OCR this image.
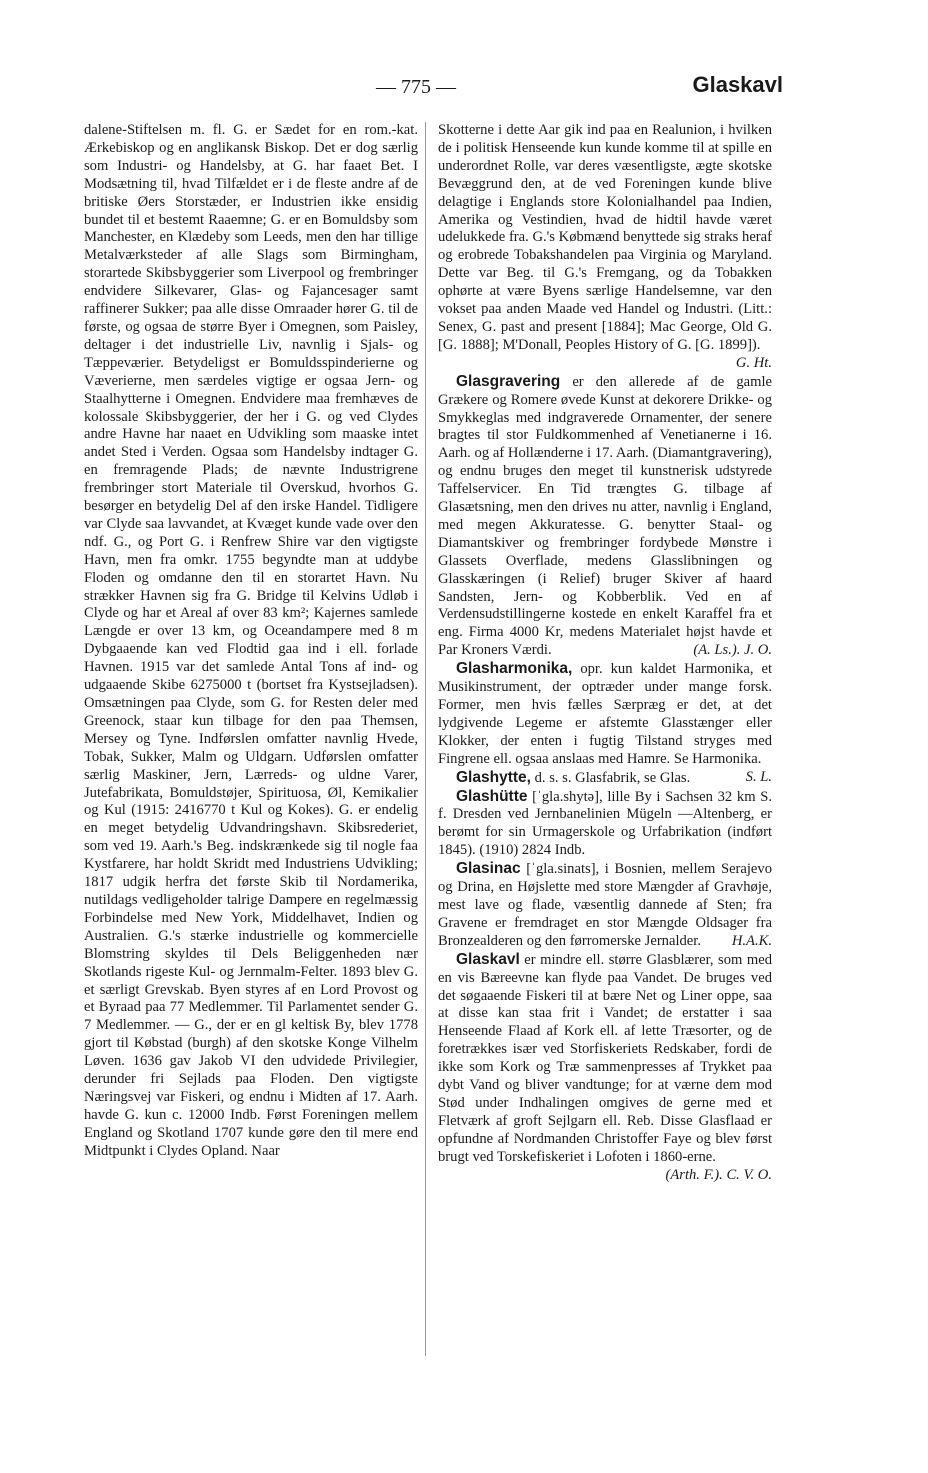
— 775 —	Glaskavl

dalene-Stiftelsen m. fl. G. er Sædet for en rom.-kat. Ærkebiskop og en anglikansk Biskop. Det er dog særlig som Industri- og Handelsby, at G. har faaet Bet. I Modsætning til, hvad Tilfældet er i de fleste andre af de britiske Øers Storstæder, er Industrien ikke ensidig bundet til et bestemt Raaemne; G. er en Bomuldsby som Manchester, en Klædeby som Leeds, men den har tillige Metalværksteder af alle Slags som Birmingham, storartede Skibsbyggerier som Liverpool og frembringer endvidere Silkevarer, Glas- og Fajancesager samt raffinerer Sukker; paa alle disse Omraader hører G. til de første, og ogsaa de større Byer i Omegnen, som Paisley, deltager i det industrielle Liv, navnlig i Sjals- og Tæppeværier. Betydeligst er Bomuldsspinderierne og Væverierne, men særdeles vigtige er ogsaa Jern- og Staalhytterne i Omegnen. Endvidere maa fremhæves de kolossale Skibsbyggerier, der her i G. og ved Clydes andre Havne har naaet en Udvikling som maaske intet andet Sted i Verden. Ogsaa som Handelsby indtager G. en fremragende Plads; de nævnte Industrigrene frembringer stort Materiale til Overskud, hvorhos G. besørger en betydelig Del af den irske Handel. Tidligere var Clyde saa lavvandet, at Kvæget kunde vade over den ndf. G., og Port G. i Renfrew Shire var den vigtigste Havn, men fra omkr. 1755 begyndte man at uddybe Floden og omdanne den til en storartet Havn. Nu strækker Havnen sig fra G. Bridge til Kelvins Udløb i Clyde og har et Areal af over 83 km²; Kajernes samlede Længde er over 13 km, og Oceandampere med 8 m Dybgaaende kan ved Flodtid gaa ind i ell. forlade Havnen. 1915 var det samlede Antal Tons af ind- og udgaaende Skibe 6275000 t (bortset fra Kystsejladsen). Omsætningen paa Clyde, som G. for Resten deler med Greenock, staar kun tilbage for den paa Themsen, Mersey og Tyne. Indførslen omfatter navnlig Hvede, Tobak, Sukker, Malm og Uldgarn. Udførslen omfatter særlig Maskiner, Jern, Lærreds- og uldne Varer, Jutefabrikata, Bomuldstøjer, Spirituosa, Øl, Kemikalier og Kul (1915: 2416770 t Kul og Kokes). G. er endelig en meget betydelig Udvandringshavn. Skibsrederiet, som ved 19. Aarh.'s Beg. indskrænkede sig til nogle faa Kystfarere, har holdt Skridt med Industriens Udvikling; 1817 udgik herfra det første Skib til Nordamerika, nutildags vedligeholder talrige Dampere en regelmæssig Forbindelse med New York, Middelhavet, Indien og Australien. G.'s stærke industrielle og kommercielle Blomstring skyldes til Dels Beliggenheden nær Skotlands rigeste Kul- og Jernmalm-Felter. 1893 blev G. et særligt Grevskab. Byen styres af en Lord Provost og et Byraad paa 77 Medlemmer. Til Parlamentet sender G. 7 Medlemmer. — G., der er en gl keltisk By, blev 1778 gjort til Købstad (burgh) af den skotske Konge Vilhelm Løven. 1636 gav Jakob VI den udvidede Privilegier, derunder fri Sejlads paa Floden. Den vigtigste Næringsvej var Fiskeri, og endnu i Midten af 17. Aarh. havde G. kun c. 12000 Indb. Først Foreningen mellem England og Skotland 1707 kunde gøre den til mere end Midtpunkt i Clydes Opland. Naar

Skotterne i dette Aar gik ind paa en Realunion, i hvilken de i politisk Henseende kun kunde komme til at spille en underordnet Rolle, var deres væsentligste, ægte skotske Bevæggrund den, at de ved Foreningen kunde blive delagtige i Englands store Kolonialhandel paa Indien, Amerika og Vestindien, hvad de hidtil havde været udelukkede fra. G.'s Købmænd benyttede sig straks heraf og erobrede Tobakshandelen paa Virginia og Maryland. Dette var Beg. til G.'s Fremgang, og da Tobakken ophørte at være Byens særlige Handelsemne, var den vokset paa anden Maade ved Handel og Industri. (Litt.: Senex, G. past and present [1884]; Mac George, Old G. [G. 1888]; M'Donall, Peoples History of G. [G. 1899]).
G. Ht.

Glasgravering er den allerede af de gamle Grækere og Romere øvede Kunst at dekorere Drikke- og Smykkeglas med indgraverede Ornamenter, der senere bragtes til stor Fuldkommenhed af Venetianerne i 16. Aarh. og af Hollænderne i 17. Aarh. (Diamantgravering), og endnu bruges den meget til kunstnerisk udstyrede Taffelservicer. En Tid trængtes G. tilbage af Glasætsning, men den drives nu atter, navnlig i England, med megen Akkuratesse. G. benytter Staal- og Diamantskiver og frembringer fordybede Mønstre i Glassets Overflade, medens Glasslibningen og Glasskæringen (i Relief) bruger Skiver af haard Sandsten, Jern- og Kobberblik. Ved en af Verdensudstillingerne kostede en enkelt Karaffel fra et eng. Firma 4000 Kr, medens Materialet højst havde et Par Kroners Værdi.	(A. Ls.). J. O.

Glasharmonika, opr. kun kaldet Harmonika, et Musikinstrument, der optræder under mange forsk. Former, men hvis fælles Særpræg er det, at det lydgivende Legeme er afstemte Glasstænger eller Klokker, der enten i fugtig Tilstand stryges med Fingrene ell. ogsaa anslaas med Hamre. Se Harmonika.
S. L.

Glashytte, d. s. s. Glasfabrik, se Glas.

Glashütte [ˈgla.shytə], lille By i Sachsen 32 km S. f. Dresden ved Jernbanelinien Mügeln —Altenberg, er berømt for sin Urmagerskole og Urfabrikation (indført 1845). (1910) 2824 Indb.

Glasinac [ˈgla.sinats], i Bosnien, mellem Serajevo og Drina, en Højslette med store Mængder af Gravhøje, mest lave og flade, væsentlig dannede af Sten; fra Gravene er fremdraget en stor Mængde Oldsager fra Bronzealderen og den førromerske Jernalder.	H.A.K.

Glaskavl er mindre ell. større Glasblærer, som med en vis Bæreevne kan flyde paa Vandet. De bruges ved det søgaaende Fiskeri til at bære Net og Liner oppe, saa at disse kan staa frit i Vandet; de erstatter i saa Henseende Flaad af Kork ell. af lette Træsorter, og de foretrækkes især ved Storfiskeriets Redskaber, fordi de ikke som Kork og Træ sammenpresses af Trykket paa dybt Vand og bliver vandtunge; for at værne dem mod Stød under Indhalingen omgives de gerne med et Fletværk af groft Sejlgarn ell. Reb. Disse Glasflaad er opfundne af Nordmanden Christoffer Faye og blev først brugt ved Torskefiskeriet i Lofoten i 1860-erne.
(Arth. F.). C. V. O.
